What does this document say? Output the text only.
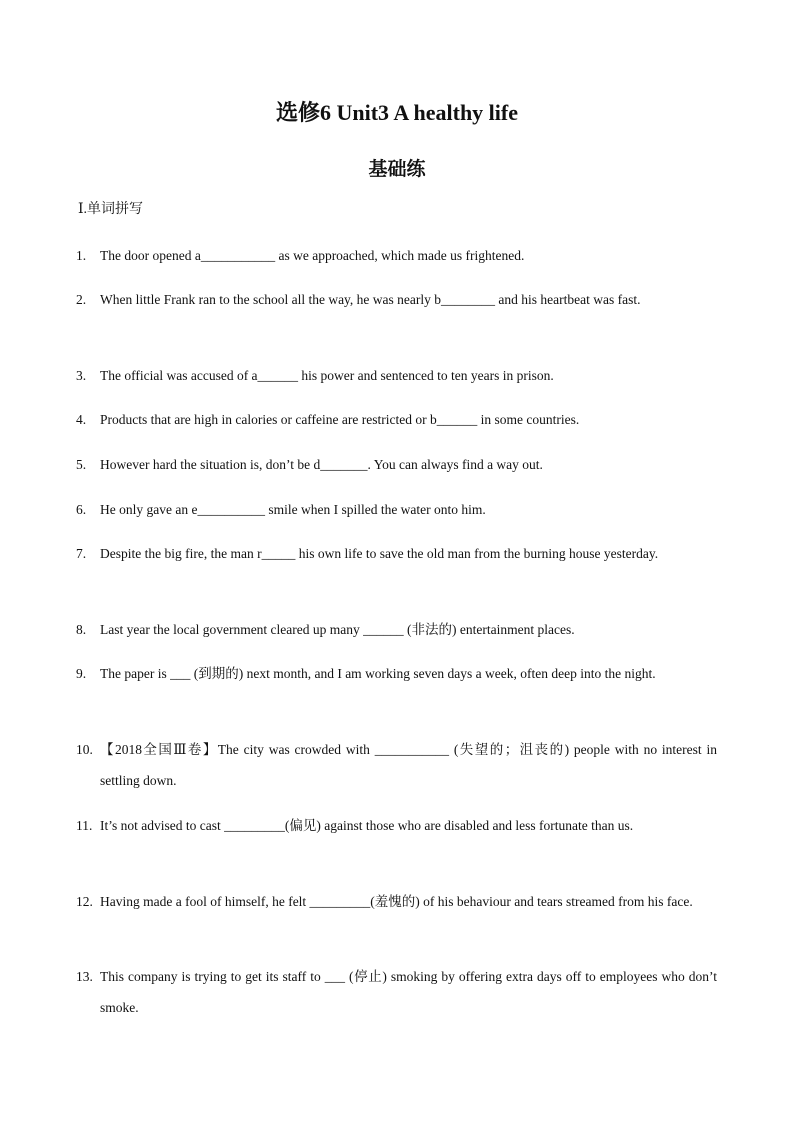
选修6 Unit3 A healthy life
基础练
Ⅰ.单词拼写
1.	The door opened a___________ as we approached, which made us frightened.
2.	When little Frank ran to the school all the way, he was nearly b________ and his heartbeat was fast.
3.	The official was accused of a______ his power and sentenced to ten years in prison.
4.	Products that are high in calories or caffeine are restricted or b______ in some countries.
5.	However hard the situation is, don’t be d_______. You can always find a way out.
6.	He only gave an e__________ smile when I spilled the water onto him.
7.	Despite the big fire, the man r_____ his own life to save the old man from the burning house yesterday.
8.	Last year the local government cleared up many ______ (非法的) entertainment places.
9.	The paper is ___ (到期的) next month, and I am working seven days a week, often deep into the night.
10. 【2018全国Ⅲ卷】The city was crowded with ___________ (失望的；沮丧的) people with no interest in settling down.
11. It’s not advised to cast _________(偏见) against those who are disabled and less fortunate than us.
12. Having made a fool of himself, he felt _________(羞愧的) of his behaviour and tears streamed from his face.
13. This company is trying to get its staff to ___ (停止) smoking by offering extra days off to employees who don’t smoke.
